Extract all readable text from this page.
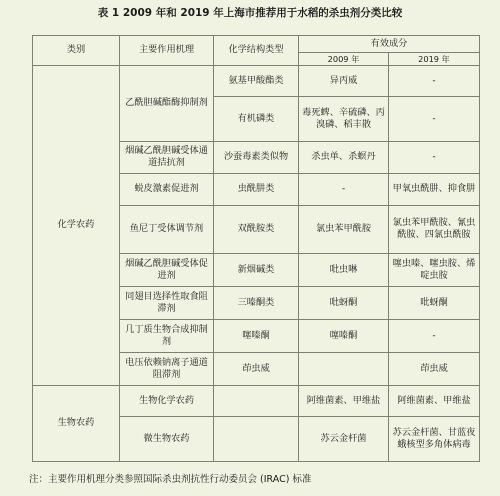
表 1 2009 年和 2019 年上海市推荐用于水稻的杀虫剂分类比较
类别	主要作用机理	化学结构类型	有效成分	
			2009 年	2019 年
化学农药	乙酰胆碱酯酶抑制剂	氨基甲酸酯类	异丙威	-
		有机磷类	毒死蜱、辛硫磷、丙溴磷、稻丰散	-
	烟碱乙酰胆碱受体通道拮抗剂	沙蚕毒素类似物	杀虫单、杀螟丹	-
	蜕皮激素促进剂	虫酰肼类	-	甲氧虫酰肼、抑食肼
	鱼尼丁受体调节剂	双酰胺类	氯虫苯甲酰胺	氯虫苯甲酰胺、氰虫酰胺、四氯虫酰胺
	烟碱乙酰胆碱受体促进剂	新烟碱类	吡虫啉	噻虫嗪、噻虫胺、烯啶虫胺
	同翅目选择性取食阻滞剂	三嗪酮类	吡蚜酮	吡蚜酮
	几丁质生物合成抑制剂	噻嗪酮	噻嗪酮	-
	电压依赖钠离子通道阻滞剂	茚虫威		茚虫威
生物农药	生物化学农药		阿维菌素、甲维盐	阿维菌素、甲维盐
	微生物农药		苏云金杆菌	苏云金杆菌、甘蓝夜蛾核型多角体病毒
注：主要作用机理分类参照国际杀虫剂抗性行动委员会 (IRAC) 标准
